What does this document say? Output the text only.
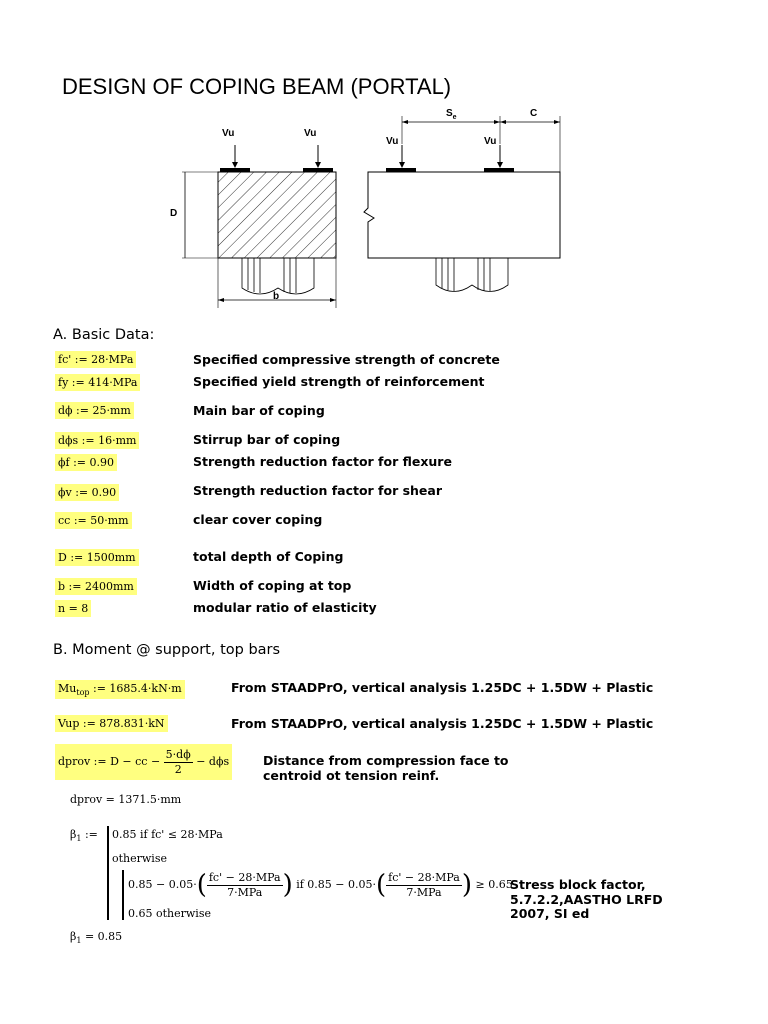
DESIGN OF COPING BEAM (PORTAL)
Vu	Vu
Vu	Vu
D
b
$S_e$	C
A. Basic Data:
fc' := 28·MPa	Specified compressive strength of concrete
fy := 414·MPa	Specified yield strength of reinforcement
dϕ := 25·mm	Main bar of coping
dϕs := 16·mm	Stirrup bar of coping
ϕf := 0.90	Strength reduction factor for flexure
ϕv := 0.90	Strength reduction factor for shear
cc := 50·mm	clear cover coping
D := 1500mm	total depth of Coping
b := 2400mm	Width of coping at top
n = 8	modular ratio of elasticity
B. Moment @ support, top bars
$Mu_{top}$ := 1685.4·kN·m	From STAADPrO, vertical analysis 1.25DC + 1.5DW + Plastic
Vup := 878.831·kN	From STAADPrO, vertical analysis 1.25DC + 1.5DW + Plastic
dprov := D − cc − $\frac{5\cdot d\phi}{2} - d\phi s$	Distance from compression face to
centroid ot tension reinf.
dprov = 1371.5·mm
$\beta_1$ := 0.85 if fc' ≤ 28·MPa
otherwise
$0.85 - 0.05\cdot( \frac{\text{fc' − 28·MPa}}{\text{7·MPa}}$ ) if $0.85 - 0.05\cdot( \frac{\text{fc' − 28·MPa}}{\text{7·MPa}}$ ) ≥ 0.65
0.65 otherwise
Stress block factor,
5.7.2.2,AASTHO LRFD
2007, SI ed
$\beta_1 = 0.85$
